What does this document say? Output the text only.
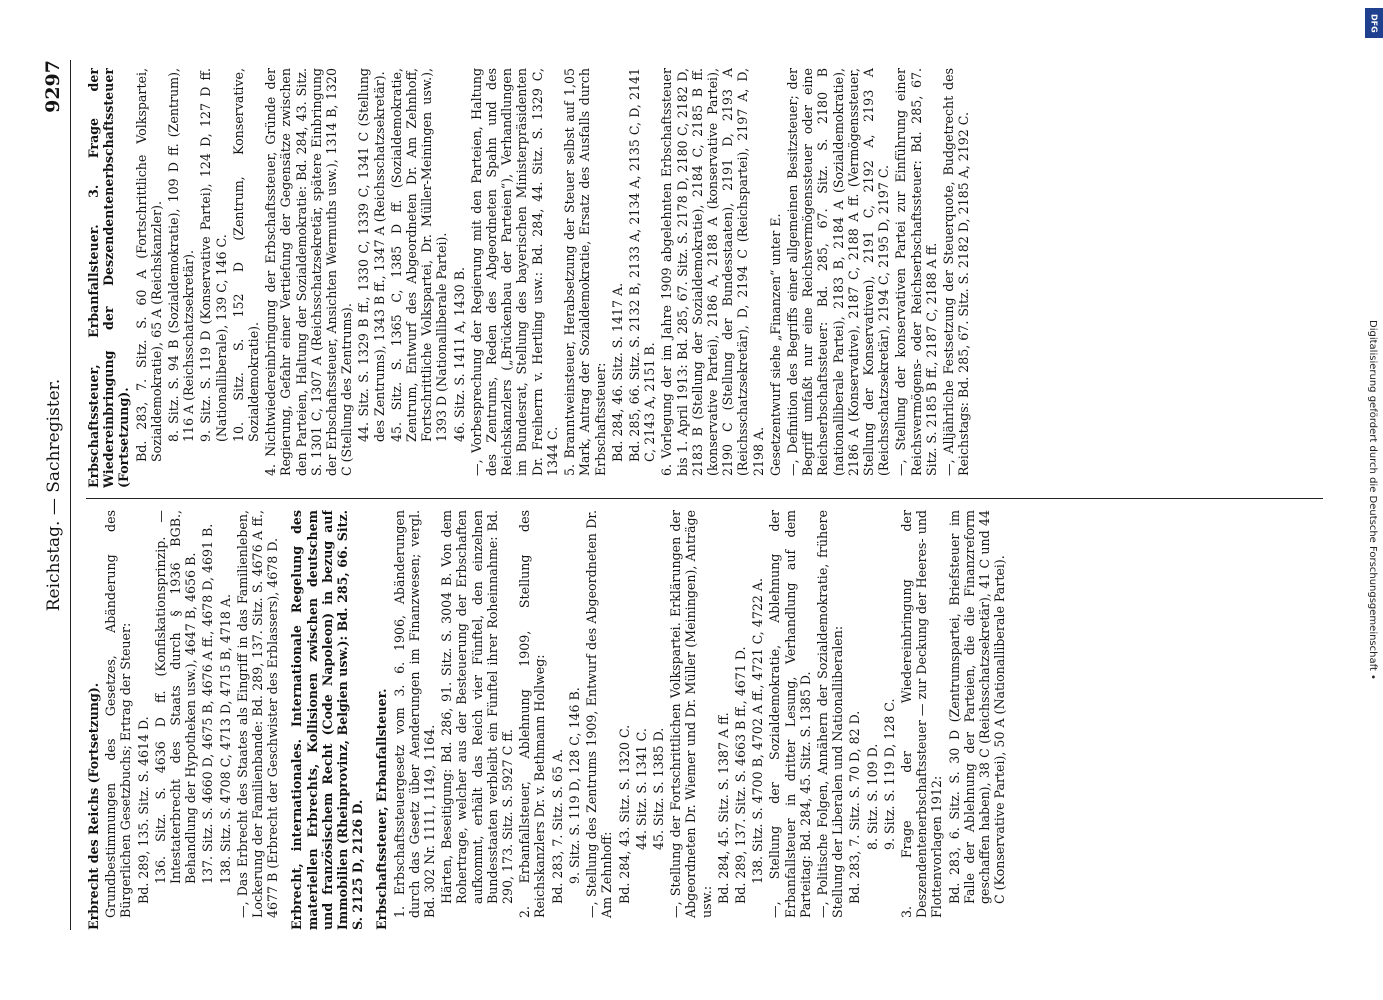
Reichstag. — Sachregister.
9297
Erbrecht des Reichs (Fortsetzung). Grundbestimmungen des Gesetzes, Abänderung des Bürgerlichen Gesetzbuchs; Ertrag der Steuer: Bd. 289, 135. Sitz. S. 4614 D. 136. Sitz. S. 4636 D ff. (Konfiskationsprinzip. — Intestaterbrecht des Staats durch § 1936 BGB., Behandlung der Hypotheken usw.), 4647 B, 4656 B. 137. Sitz. S. 4660 D, 4675 B, 4676 A ff., 4678 D, 4691 B. 138. Sitz. S. 4708 C, 4713 D, 4715 B, 4718 A. —, Das Erbrecht des Staates als Eingriff in das Familienleben, Lockerung der Familienbande: Bd. 289, 137. Sitz. S. 4676 A ff., 4677 B (Erbrecht der Geschwister des Erblassers), 4678 D. Erbrecht, internationales. Internationale Regelung des materiellen Erbrechts, Kollisionen zwischen deutschem und französischem Recht (Code Napoleon) in bezug auf Immobilien (Rheinprovinz, Belgien usw.): Bd. 285, 66. Sitz. S. 2125 D, 2126 D. Erbschaftssteuer, Erbanfallsteuer. 1. Erbschaftssteuergesetz vom 3. 6. 1906, Abänderungen durch das Gesetz über Aenderungen im Finanzwesen; vergl. Bd. 302 Nr. 1111, 1149, 1164. Härten, Beseitigung: Bd. 286, 91. Sitz. S. 3004 B. Von dem Rohertrage, welcher aus der Besteuerung der Erbschaften aufkommt, erhält das Reich vier Fünftel, den einzelnen Bundesstaaten verbleibt ein Fünftel ihrer Roheinnahme: Bd. 290, 173. Sitz. S. 5927 C ff. 2. Erbanfallsteuer, Ablehnung 1909, Stellung des Reichskanzlers Dr. v. Bethmann Hollweg: Bd. 283, 7. Sitz. S. 65 A. 9. Sitz. S. 119 D, 128 C, 146 B. —, Stellung des Zentrums 1909, Entwurf des Abgeordneten Dr. Am Zehnhoff: Bd. 284, 43. Sitz. S. 1320 C. 44. Sitz. S. 1341 C. 45. Sitz. S. 1385 D. —, Stellung der Fortschrittlichen Volkspartei. Erklärungen der Abgeordneten Dr. Wiemer und Dr. Müller (Meiningen), Anträge usw.: Bd. 284, 45. Sitz. S. 1387 A ff. Bd. 289, 137. Sitz. S. 4663 B ff., 4671 D. 138. Sitz. S. 4700 B, 4702 A ff., 4721 C, 4722 A. —, Stellung der Sozialdemokratie, Ablehnung der Erbanfallsteuer in dritter Lesung, Verhandlung auf dem Parteitag: Bd. 284, 45. Sitz. S. 1385 D. —, Politische Folgen, Annähern der Sozialdemokratie, frühere Stellung der Liberalen und Nationalliberalen: Bd. 283, 7. Sitz. S. 70 D, 82 D. 8. Sitz. S. 109 D. 9. Sitz. S. 119 D, 128 C. 3. Frage der Wiedereinbringung der Deszendentenerbschaftssteuer — zur Deckung der Heeres- und Flottenvorlagen 1912: Bd. 283, 6. Sitz. S. 30 D (Zentrumspartei, Briefsteuer im Falle der Ablehnung der Parteien, die die Finanzreform geschaffen haben), 38 C (Reichsschatzsekretär), 41 C und 44 C (Konservative Partei), 50 A (Nationalliberale Partei).
Erbschaftssteuer, Erbanfallsteuer. 3. Frage der Wiedereinbringung der Deszendentenerbschaftssteuer (Fortsetzung). Bd. 283, 7. Sitz. S. 60 A (Fortschrittliche Volkspartei, Sozialdemokratie), 65 A (Reichskanzler). 8. Sitz. S. 94 B (Sozialdemokratie), 109 D ff. (Zentrum), 116 A (Reichsschatzsekretär). 9. Sitz. S. 119 D (Konservative Partei), 124 D, 127 D ff. (Nationalliberale), 139 C, 146 C. 10. Sitz. S. 152 D (Zentrum, Konservative, Sozialdemokratie). 4. Nichtwiedereinbringung der Erbschaftssteuer, Gründe der Regierung, Gefahr einer Vertiefung der Gegensätze zwischen den Parteien, Haltung der Sozialdemokratie: Bd. 284, 43. Sitz. S. 1301 C, 1307 A (Reichsschatzsekretär, spätere Einbringung der Erbschaftssteuer, Ansichten Wermuths usw.), 1314 B, 1320 C (Stellung des Zentrums). 44. Sitz. S. 1329 B ff., 1330 C, 1339 C, 1341 C (Stellung des Zentrums), 1343 B ff., 1347 A (Reichsschatzsekretär). 45. Sitz. S. 1365 C, 1385 D ff. (Sozialdemokratie, Zentrum, Entwurf des Abgeordneten Dr. Am Zehnhoff, Fortschrittliche Volkspartei, Dr. Müller-Meiningen usw.), 1393 D (Nationalliberale Partei). 46. Sitz. S. 1411 A, 1430 B. —, Vorbesprechung der Regierung mit den Parteien, Haltung des Zentrums, Reden des Abgeordneten Spahn und des Reichskanzlers („Brückenbau der Parteien“), Verhandlungen im Bundesrat, Stellung des bayerischen Ministerpräsidenten Dr. Freiherrn v. Hertling usw.: Bd. 284, 44. Sitz. S. 1329 C, 1344 C. 5. Branntweinsteuer, Herabsetzung der Steuer selbst auf 1,05 Mark, Antrag der Sozialdemokratie, Ersatz des Ausfalls durch Erbschaftssteuer: Bd. 284, 46. Sitz. S. 1417 A. Bd. 285, 66. Sitz. S. 2132 B, 2133 A, 2134 A, 2135 C, D, 2141 C, 2143 A, 2151 B. 6. Vorlegung der im Jahre 1909 abgelehnten Erbschaftssteuer bis 1. April 1913: Bd. 285, 67. Sitz. S. 2178 D, 2180 C, 2182 D, 2183 B (Stellung der Sozialdemokratie), 2184 C, 2185 B ff. (konservative Partei), 2186 A, 2188 A (konservative Partei), 2190 C (Stellung der Bundesstaaten), 2191 D, 2193 A (Reichsschatzsekretär), D, 2194 C (Reichspartei), 2197 A, D, 2198 A. Gesetzentwurf siehe „Finanzen“ unter E. —, Definition des Begriffs einer allgemeinen Besitzsteuer; der Begriff umfaßt nur eine Reichsvermögenssteuer oder eine Reichserbschaftssteuer: Bd. 285, 67. Sitz. S. 2180 B (nationalliberale Partei), 2183 B, 2184 A (Sozialdemokratie), 2186 A (Konservative), 2187 C, 2188 A ff. (Vermögenssteuer, Stellung der Konservativen), 2191 C, 2192 A, 2193 A (Reichsschatzsekretär), 2194 C, 2195 D, 2197 C. —, Stellung der konservativen Partei zur Einführung einer Reichsvermögens- oder Reichserbschaftssteuer: Bd. 285, 67. Sitz. S. 2185 B ff., 2187 C, 2188 A ff. —, Alljährliche Festsetzung der Steuerquote, Budgetrecht des Reichstags: Bd. 285, 67. Sitz. S. 2182 D, 2185 A, 2192 C.
Digitalisierung gefördert durch die Deutsche Forschungsgemeinschaft •
DFG
